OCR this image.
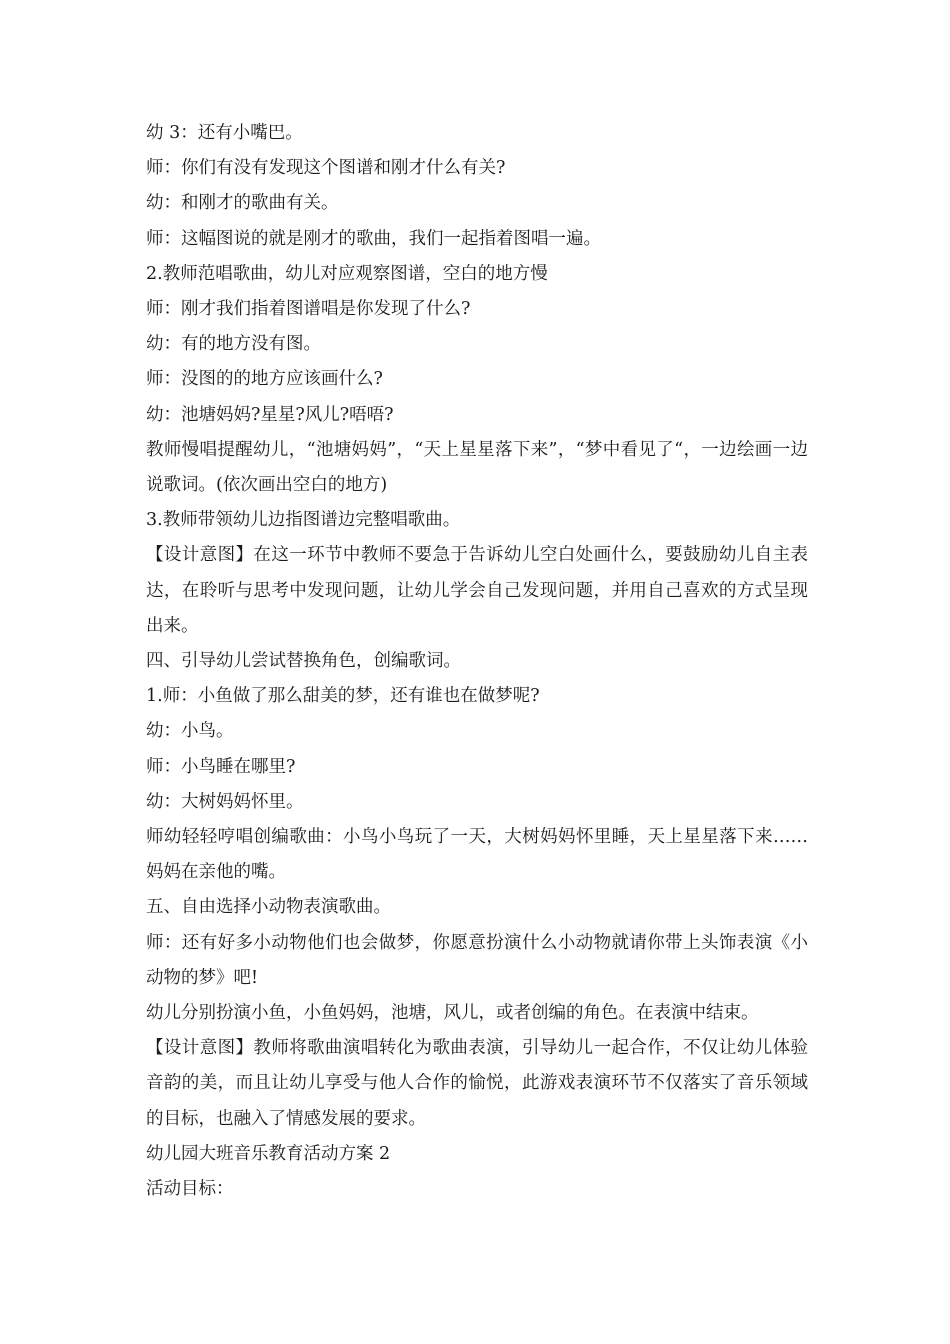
幼 3：还有小嘴巴。

师：你们有没有发现这个图谱和刚才什么有关?

幼：和刚才的歌曲有关。

师：这幅图说的就是刚才的歌曲，我们一起指着图唱一遍。

2.教师范唱歌曲，幼儿对应观察图谱，空白的地方慢

师：刚才我们指着图谱唱是你发现了什么?

幼：有的地方没有图。

师：没图的的地方应该画什么?

幼：池塘妈妈?星星?风儿?唔唔?

教师慢唱提醒幼儿，“池塘妈妈”，“天上星星落下来”，“梦中看见了“，一边绘画一边说歌词。(依次画出空白的地方)

3.教师带领幼儿边指图谱边完整唱歌曲。

【设计意图】在这一环节中教师不要急于告诉幼儿空白处画什么，要鼓励幼儿自主表达，在聆听与思考中发现问题，让幼儿学会自己发现问题，并用自己喜欢的方式呈现出来。

四、引导幼儿尝试替换角色，创编歌词。

1.师：小鱼做了那么甜美的梦，还有谁也在做梦呢?

幼：小鸟。

师：小鸟睡在哪里?

幼：大树妈妈怀里。

师幼轻轻哼唱创编歌曲：小鸟小鸟玩了一天，大树妈妈怀里睡，天上星星落下来……妈妈在亲他的嘴。

五、自由选择小动物表演歌曲。

师：还有好多小动物他们也会做梦，你愿意扮演什么小动物就请你带上头饰表演《小动物的梦》吧!

幼儿分别扮演小鱼，小鱼妈妈，池塘，风儿，或者创编的角色。在表演中结束。

【设计意图】教师将歌曲演唱转化为歌曲表演，引导幼儿一起合作，不仅让幼儿体验音韵的美，而且让幼儿享受与他人合作的愉悦，此游戏表演环节不仅落实了音乐领域的目标，也融入了情感发展的要求。

幼儿园大班音乐教育活动方案 2

活动目标：
